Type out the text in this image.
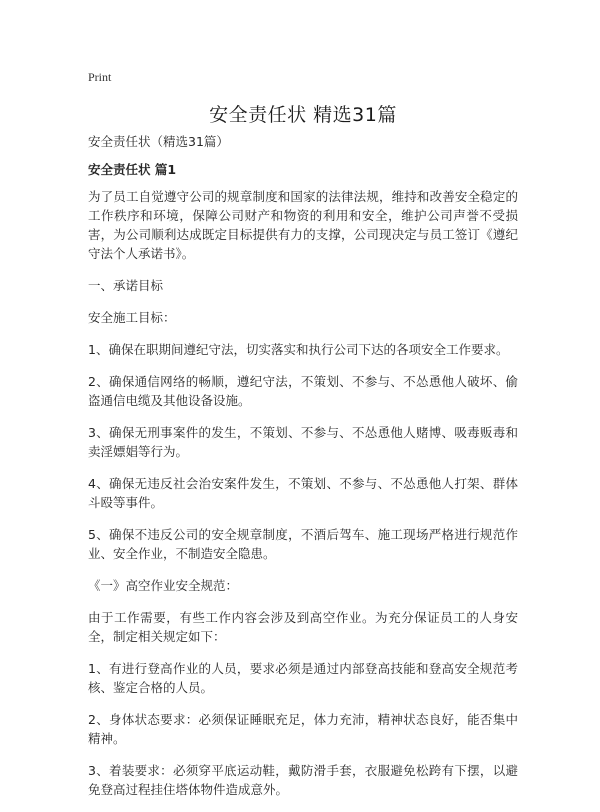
Print
安全责任状 精选31篇

安全责任状（精选31篇）

安全责任状 篇1

为了员工自觉遵守公司的规章制度和国家的法律法规，维持和改善安全稳定的工作秩序和环境，保障公司财产和物资的利用和安全，维护公司声誉不受损害，为公司顺利达成既定目标提供有力的支撑，公司现决定与员工签订《遵纪守法个人承诺书》。

一、承诺目标

安全施工目标：

1、确保在职期间遵纪守法，切实落实和执行公司下达的各项安全工作要求。

2、确保通信网络的畅顺，遵纪守法，不策划、不参与、不怂恿他人破坏、偷盗通信电缆及其他设备设施。

3、确保无刑事案件的发生，不策划、不参与、不怂恿他人赌博、吸毒贩毒和卖淫嫖娼等行为。

4、确保无违反社会治安案件发生，不策划、不参与、不怂恿他人打架、群体斗殴等事件。

5、确保不违反公司的安全规章制度，不酒后驾车、施工现场严格进行规范作业、安全作业，不制造安全隐患。

《一》高空作业安全规范：

由于工作需要，有些工作内容会涉及到高空作业。为充分保证员工的人身安全，制定相关规定如下：

1、有进行登高作业的人员，要求必须是通过内部登高技能和登高安全规范考核、鉴定合格的人员。

2、身体状态要求：必须保证睡眠充足，体力充沛，精神状态良好，能否集中精神。

3、着装要求：必须穿平底运动鞋，戴防滑手套，衣服避免松跨有下摆，以避免登高过程挂住塔体物件造成意外。
